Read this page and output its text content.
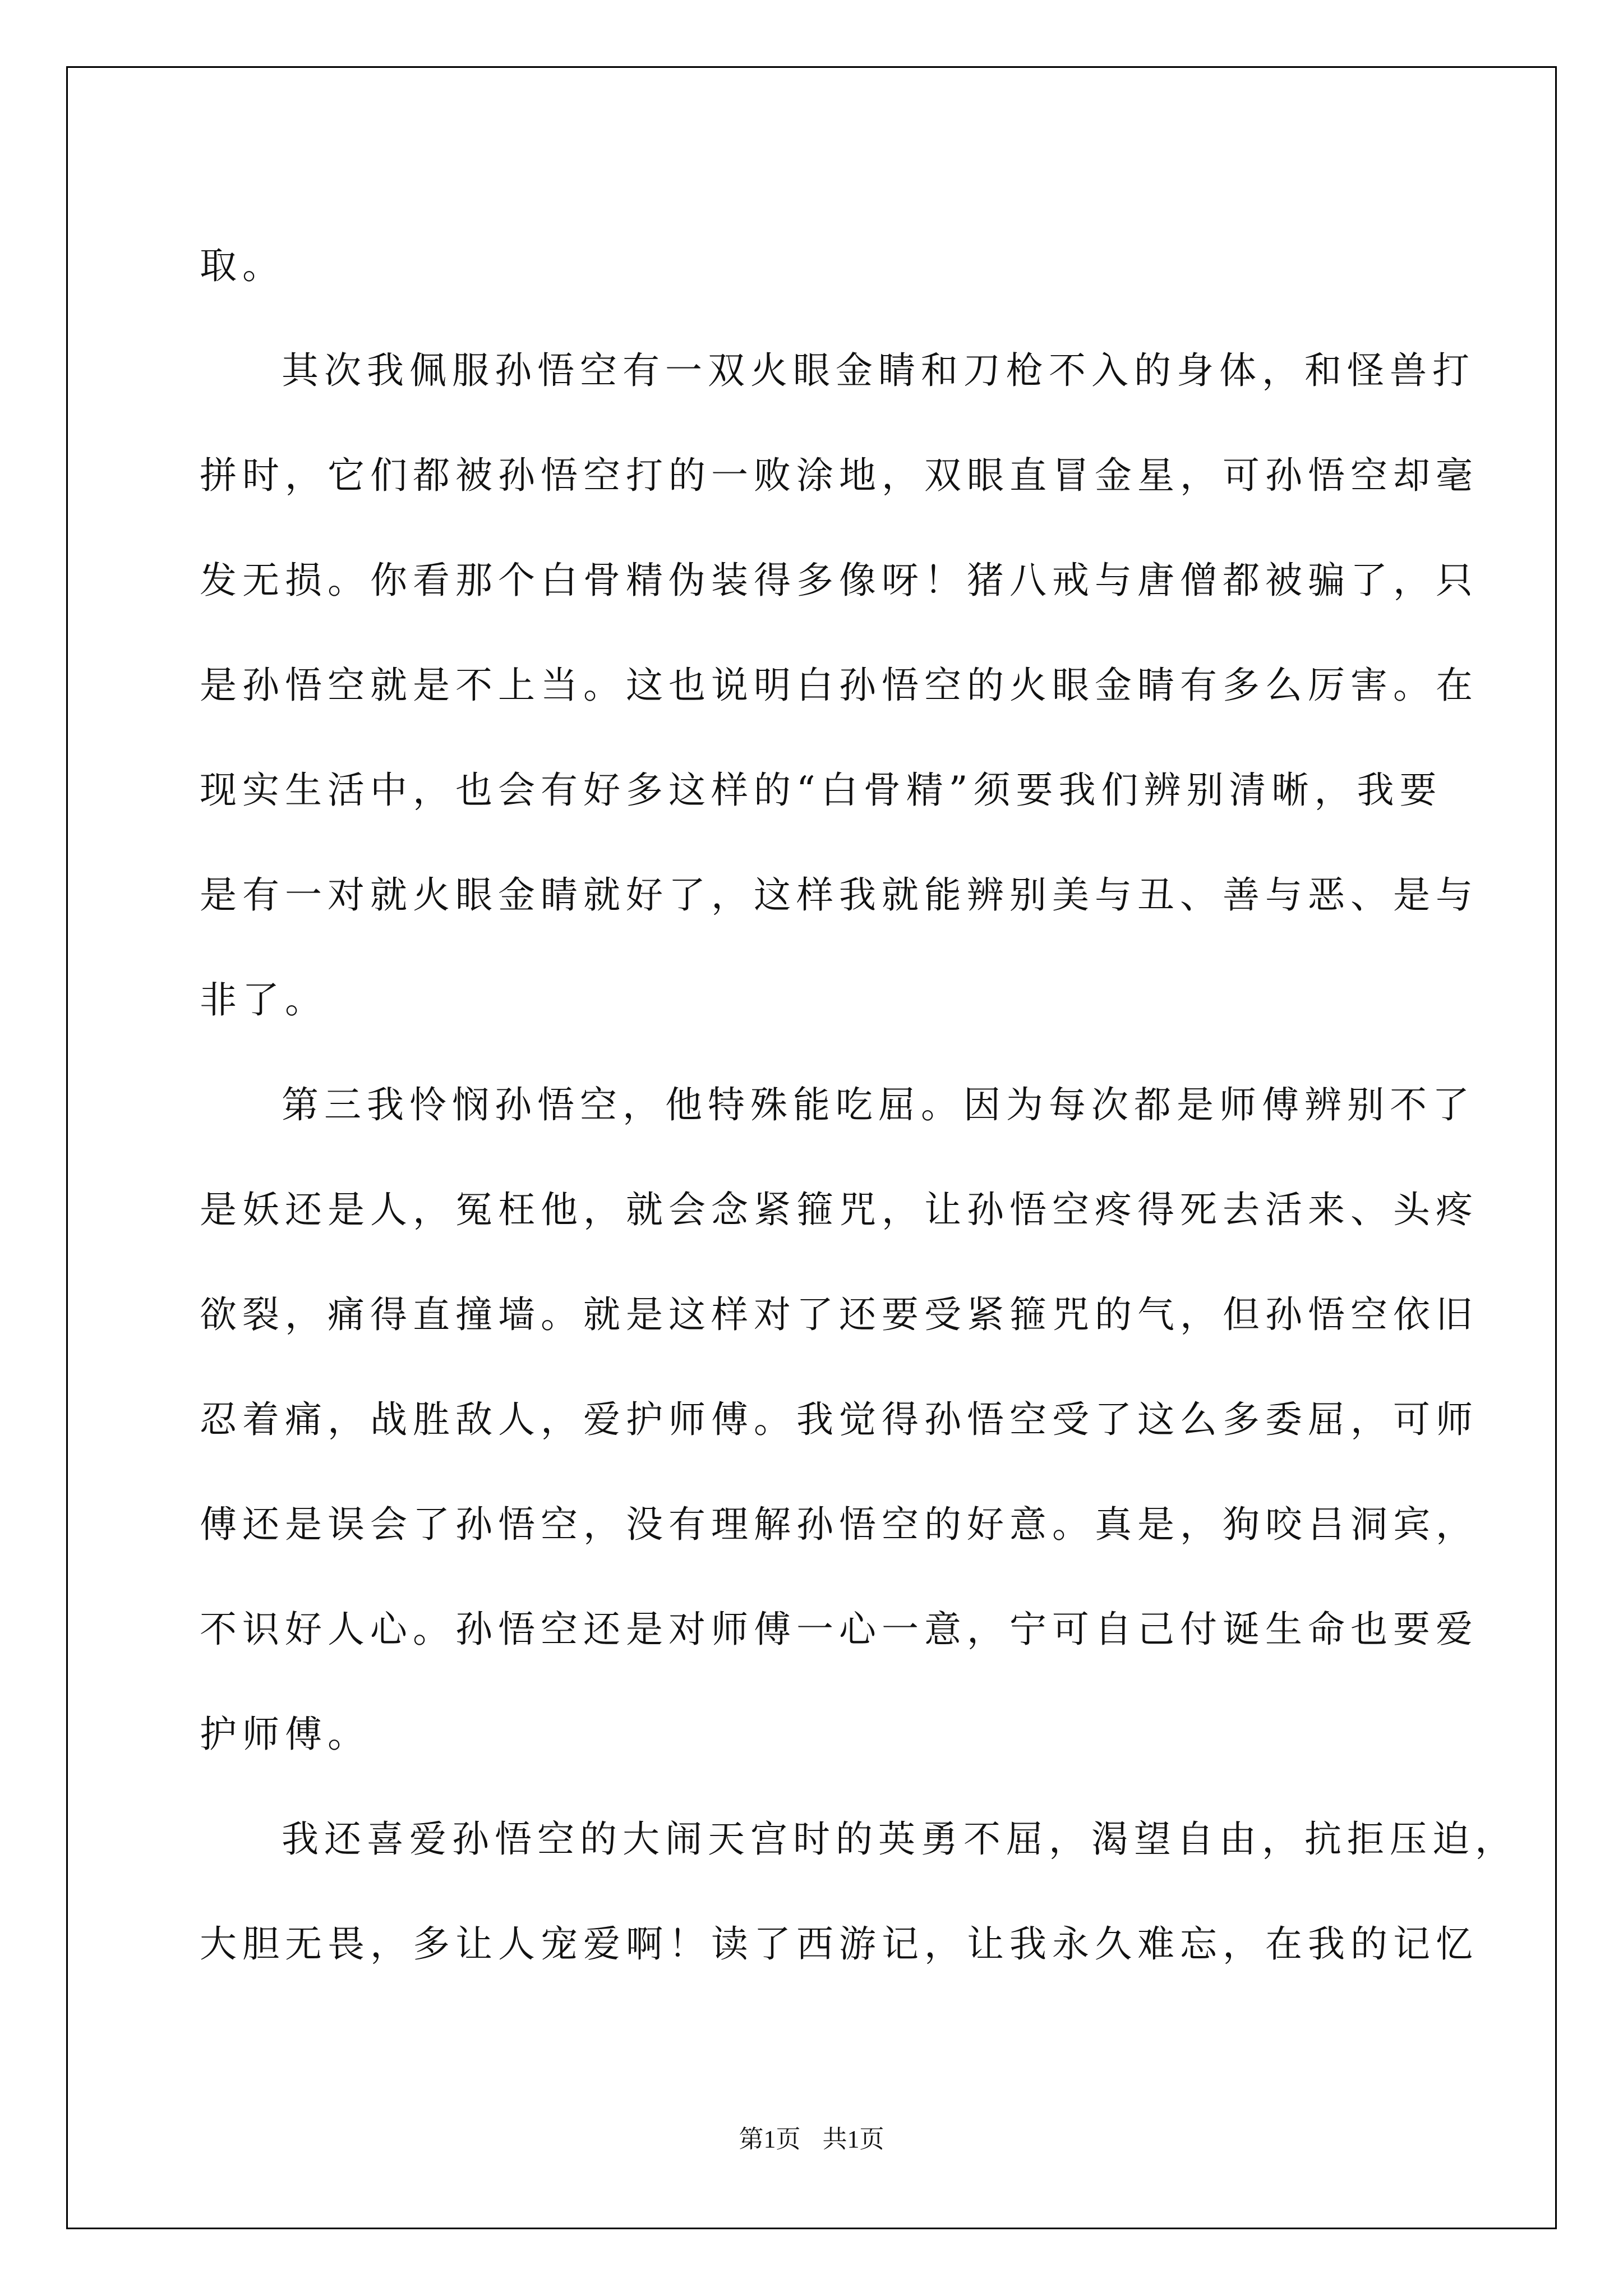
取。
其次我佩服孙悟空有一双火眼金睛和刀枪不入的身体，和怪兽打
拼时，它们都被孙悟空打的一败涂地，双眼直冒金星，可孙悟空却毫
发无损。你看那个白骨精伪装得多像呀！猪八戒与唐僧都被骗了，只
是孙悟空就是不上当。这也说明白孙悟空的火眼金睛有多么厉害。在
现实生活中，也会有好多这样的“白骨精”须要我们辨别清晰，我要
是有一对就火眼金睛就好了，这样我就能辨别美与丑、善与恶、是与
非了。
第三我怜悯孙悟空，他特殊能吃屈。因为每次都是师傅辨别不了
是妖还是人，冤枉他，就会念紧箍咒，让孙悟空疼得死去活来、头疼
欲裂，痛得直撞墙。就是这样对了还要受紧箍咒的气，但孙悟空依旧
忍着痛，战胜敌人，爱护师傅。我觉得孙悟空受了这么多委屈，可师
傅还是误会了孙悟空，没有理解孙悟空的好意。真是，狗咬吕洞宾，
不识好人心。孙悟空还是对师傅一心一意，宁可自己付诞生命也要爱
护师傅。
我还喜爱孙悟空的大闹天宫时的英勇不屈，渴望自由，抗拒压迫，
大胆无畏，多让人宠爱啊！读了西游记，让我永久难忘，在我的记忆
第1页 共1页
